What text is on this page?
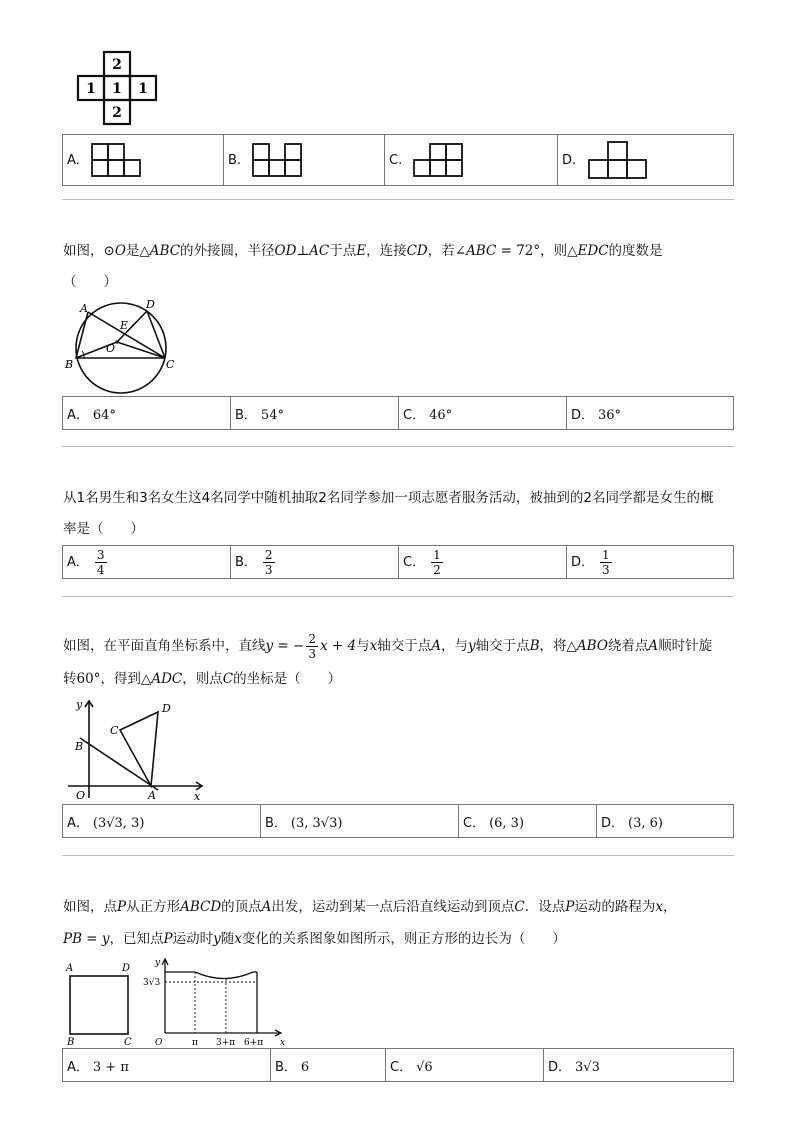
2
1 1 1
2
A.	B.	C.	D.
如图，⊙O是△ABC的外接圆，半径OD⊥AC于点E，连接CD，若∠ABC = 72°，则△EDC的度数是
（　　）
A	D
E
O
B	C
A． 64°	B． 54°	C． 46°	D． 36°
从1名男生和3名女生这4名同学中随机抽取2名同学参加一项志愿者服务活动，被抽到的2名同学都是女生的概
率是（　　）
A． $\frac{3}{4}$	B． $\frac{2}{3}$	C． $\frac{1}{2}$	D． $\frac{1}{3}$
如图，在平面直角坐标系中，直线y = − $\frac{2}{3}$ x + 4与x轴交于点A，与y轴交于点B，将△ABO绕着点A顺时针旋
转60°，得到△ADC，则点C的坐标是（　　）
y
x
O
B
C
D
A
A． (3√3, 3)	B． (3, 3√3)	C． (6, 3)	D． (3, 6)
如图，点P从正方形ABCD的顶点A出发，运动到某一点后沿直线运动到顶点C．设点P运动的路程为x，
PB = y，已知点P运动时y随x变化的关系图象如图所示，则正方形的边长为（　　）
A	D
B	C
y
x
O
3√3
π 3+π 6+π
A． 3 + π	B． 6	C． √6	D． 3√3
